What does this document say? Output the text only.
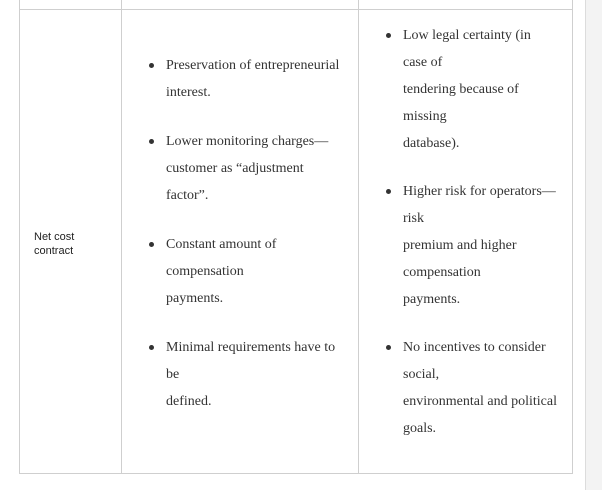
Net cost contract
Preservation of entrepreneurial
interest.
Lower monitoring charges—
customer as “adjustment
factor”.
Constant amount of
compensation
payments.
Minimal requirements have to
be
defined.
Low legal certainty (in
case of
tendering because of
missing
database).
Higher risk for operators—
risk
premium and higher
compensation
payments.
No incentives to consider
social,
environmental and political
goals.
